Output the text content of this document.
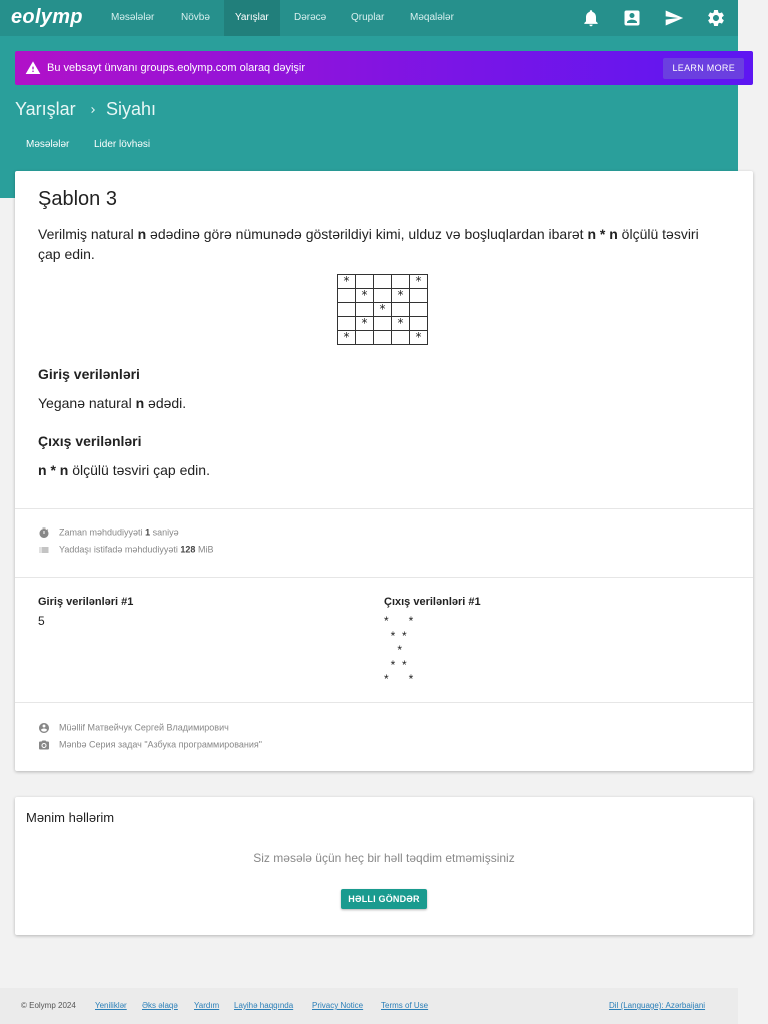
eolymp	Məsələlər	Növbə	Yarışlar	Dərəcə	Qruplar	Məqalələr
Bu vebsayt ünvanı groups.eolymp.com olaraq dəyişir	LEARN MORE
Yarışlar Siyahı
Məsələlər Lider lövhəsi
Şablon 3
Verilmiş natural n ədədinə görə nümunədə göstərildiyi kimi, ulduz və boşluqlardan ibarət n * n ölçülü təsviri çap edin.
*				*
	*		*	
		*		
	*		*	
*				*
Giriş verilənləri
Yeganə natural n ədədi.
Çıxış verilənləri
n * n ölçülü təsviri çap edin.
Zaman məhdudiyyəti 1 saniyə
Yaddaşı istifadə məhdudiyyəti 128 MiB
Giriş verilənləri #1
5
Çıxış verilənləri #1
*      *
*  *
*
*  *
*      *
Müəllif Матвейчук Сергей Владимирович
Mənbə Серия задач "Азбука программирования"
Mənim həllərim
Siz məsələ üçün heç bir həll təqdim etməmişsiniz
HƏLLI GÖNDƏR
© Eolymp 2024 Yeniliklər Əks əlaqə Yardım Layihə haqqında Privacy Notice Terms of Use	Dil (Language): Azərbaijani
